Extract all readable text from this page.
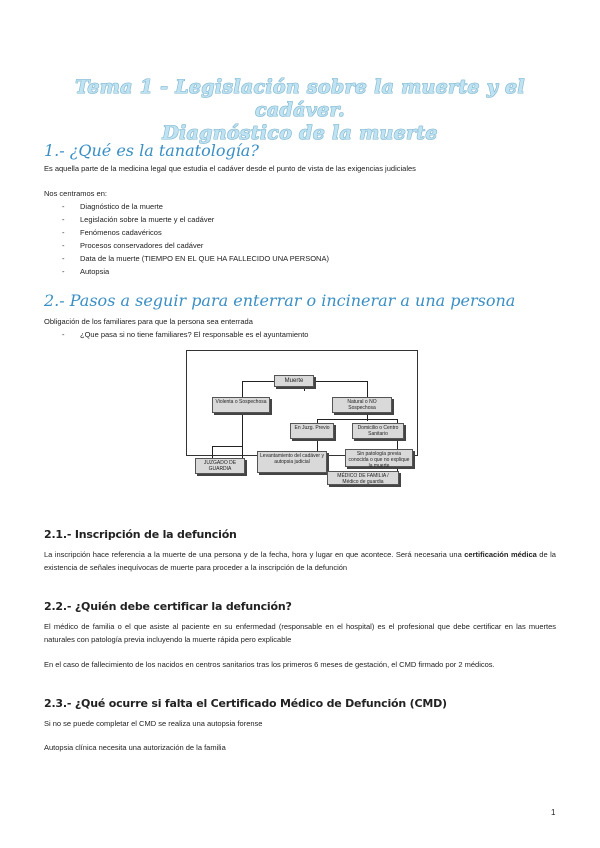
Tema 1 - Legislación sobre la muerte y el cadáver.
Diagnóstico de la muerte
1.- ¿Qué es la tanatología?
Es aquella parte de la medicina legal que estudia el cadáver desde el punto de vista de las exigencias judiciales
Nos centramos en:
- Diagnóstico de la muerte
- Legislación sobre la muerte y el cadáver
- Fenómenos cadavéricos
- Procesos conservadores del cadáver
- Data de la muerte (TIEMPO EN EL QUE HA FALLECIDO UNA PERSONA)
- Autopsia
2.- Pasos a seguir para enterrar o incinerar a una persona
Obligación de los familiares para que la persona sea enterrada
- ¿Que pasa si no tiene familiares? El responsable es el ayuntamiento
Muerte
Violenta o Sospechosa	Natural o NO Sospechosa
En Juzg. Previo	Domicilio o Centro Sanitario
JUZGADO DE GUARDIA
Levantamiento del cadáver y autopsia judicial
Sin patología previa conocida o que no explique la muerte
MÉDICO DE FAMILIA / Médico de guardia
2.1.- Inscripción de la defunción
La inscripción hace referencia a la muerte de una persona y de la fecha, hora y lugar en que acontece. Será necesaria una certificación médica de la existencia de señales inequívocas de muerte para proceder a la inscripción de la defunción
2.2.- ¿Quién debe certificar la defunción?
El médico de familia o el que asiste al paciente en su enfermedad (responsable en el hospital) es el profesional que debe certificar en las muertes naturales con patología previa incluyendo la muerte rápida pero explicable
En el caso de fallecimiento de los nacidos en centros sanitarios tras los primeros 6 meses de gestación, el CMD firmado por 2 médicos.
2.3.- ¿Qué ocurre si falta el Certificado Médico de Defunción (CMD)
Si no se puede completar el CMD se realiza una autopsia forense
Autopsia clínica necesita una autorización de la familia
1
